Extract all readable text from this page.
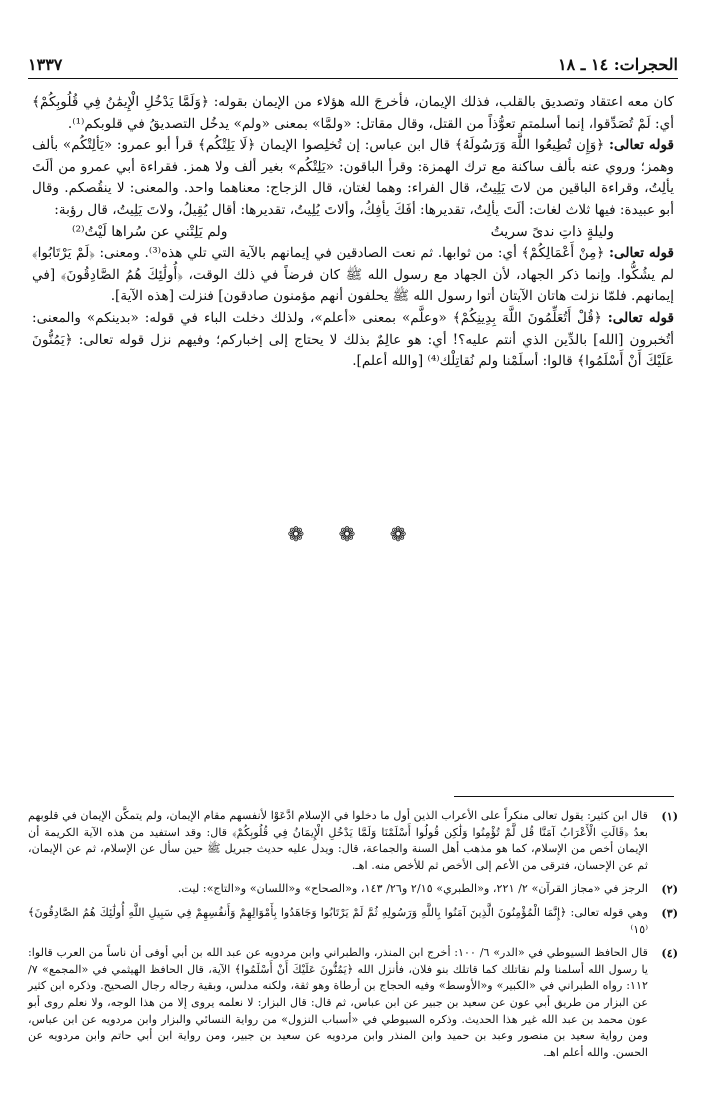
الحجرات: ١٤ ـ ١٨
١٣٣٧

كان معه اعتقاد وتصديق بالقلب، فذلك الإيمان، فأخرجَ الله هؤلاء من الإيمان بقوله: ﴿وَلَمَّا يَدْخُلِ الْإِيمَٰنُ فِي قُلُوبِكُمْ﴾ أي: لَمْ تُصَدِّقوا، إنما أسلمتم تعوُّذاً من القتل، وقال مقاتل: «ولمَّا» بمعنى «ولم» يدخُل التصديقُ في قلوبكم⁽¹⁾.

قوله تعالى: ﴿وَإِن تُطِيعُوا اللَّهَ وَرَسُولَهُ﴾ قال ابن عباس: إن تُخلِصوا الإيمان ﴿لَا يَلِتْكُم﴾ قرأ أبو عمرو: «يَألِتْكُم» بألف وهمز؛ وروي عنه بألف ساكنة مع ترك الهمزة: وقرأ الباقون: «يَلِتْكُم» بغير ألف ولا همز. فقراءة أبي عمرو من ألَتَ يألِتُ، وقراءة الباقين من لاتَ يَلِيتُ، قال الفراء: وهما لغتان، قال الزجاج: معناهما واحد. والمعنى: لا ينقُصكم. وقال أبو عبيدة: فيها ثلاث لغات: ألَتَ يألِتُ، تقديرها: أفَكَ يأفِكُ، وألاتَ يُلِيتُ، تقديرها: أقال يُقِيلُ، ولاتَ يَلِيتُ، قال رؤبة:

وليلةٍ ذاتِ ندىً سريتُ
ولم يَلِتْني عن سُراها لَيْتُ⁽²⁾

قوله تعالى: ﴿مِنْ أَعْمَالِكُمْ﴾ أي: من ثوابها. ثم نعت الصادقين في إيمانهم بالآية التي تلي هذه⁽³⁾. ومعنى: ﴿لَمْ يَرْتَابُوا﴾ لم يشُكُّوا. وإنما ذكر الجهاد، لأن الجهاد مع رسول الله ﷺ كان فرضاً في ذلك الوقت، ﴿أُولَٰئِكَ هُمُ الصَّادِقُونَ﴾ [في إيمانهم. فلمّا نزلت هاتان الآيتان أتوا رسول الله ﷺ يحلفون أنهم مؤمنون صادقون] فنزلت [هذه الآية].

قوله تعالى: ﴿قُلْ أَتُعَلِّمُونَ اللَّهَ بِدِينِكُمْ﴾ «وعلَّم» بمعنى «أعلم»، ولذلك دخلت الباء في قوله: «بدينكم» والمعنى: أتُخبرون [الله] بالدِّين الذي أنتم عليه؟! أي: هو عالِمٌ بذلك لا يحتاج إلى إخباركم؛ وفيهم نزل قوله تعالى: ﴿يَمُنُّونَ عَلَيْكَ أَنْ أَسْلَمُوا﴾ قالوا: أسلَمْنا ولم نُقاتِلْك⁽⁴⁾ [والله أعلم].

❁ ❁ ❁
(١)
قال ابن كثير: يقول تعالى منكراً على الأعراب الذين أول ما دخلوا في الإسلام ادَّعَوْا لأنفسهم مقام الإيمان، ولم يتمكَّن الإيمان في قلوبهم بعدُ ﴿قَالَتِ الْأَعْرَابُ آمَنَّا قُل لَّمْ تُؤْمِنُوا وَلَٰكِن قُولُوا أَسْلَمْنَا وَلَمَّا يَدْخُلِ الْإِيمَانُ فِي قُلُوبِكُمْ﴾ قال: وقد استفيد من هذه الآية الكريمة أن الإيمان أخص من الإسلام، كما هو مذهب أهل السنة والجماعة، قال: ويدل عليه حديث جبريل ﷺ حين سأل عن الإسلام، ثم عن الإيمان، ثم عن الإحسان، فترقى من الأعم إلى الأخص ثم للأخص منه. اهـ.
(٢)
الرجز في «مجاز القرآن» ٢/ ٢٢١، و«الطبري» ٢/١٥ و٢٦/ ١٤٣، و«الصحاح» و«اللسان» و«التاج»: ليت.
(٣)
وهي قوله تعالى: ﴿إِنَّمَا الْمُؤْمِنُونَ الَّذِينَ آمَنُوا بِاللَّهِ وَرَسُولِهِ ثُمَّ لَمْ يَرْتَابُوا وَجَاهَدُوا بِأَمْوَالِهِمْ وَأَنفُسِهِمْ فِي سَبِيلِ اللَّهِ أُولَٰئِكَ هُمُ الصَّادِقُونَ﴾ ⁽١٥⁾
(٤)
قال الحافظ السيوطي في «الدر» ٦/ ١٠٠: أخرج ابن المنذر، والطبراني وابن مردويه عن عبد الله بن أبي أوفى أن ناساً من العرب قالوا: يا رسول الله أسلمنا ولم نقاتلك كما قاتلك بنو فلان، فأنزل الله ﴿يَمُنُّونَ عَلَيْكَ أَنْ أَسْلَمُوا﴾ الآية، قال الحافظ الهيثمي في «المجمع» ٧/ ١١٢: رواه الطبراني في «الكبير» و«الأوسط» وفيه الحجاج بن أرطاة وهو ثقة، ولكنه مدلس، وبقية رجاله رجال الصحيح. وذكره ابن كثير عن البزار من طريق أبي عون عن سعيد بن جبير عن ابن عباس، ثم قال: قال البزار: لا نعلمه يروى إلا من هذا الوجه، ولا نعلم روى أبو عون محمد بن عبد الله غير هذا الحديث. وذكره السيوطي في «أسباب النزول» من رواية النسائي والبزار وابن مردويه عن ابن عباس، ومن رواية سعيد بن منصور وعبد بن حميد وابن المنذر وابن مردويه عن سعيد بن جبير، ومن رواية ابن أبي حاتم وابن مردويه عن الحسن. والله أعلم اهـ.
